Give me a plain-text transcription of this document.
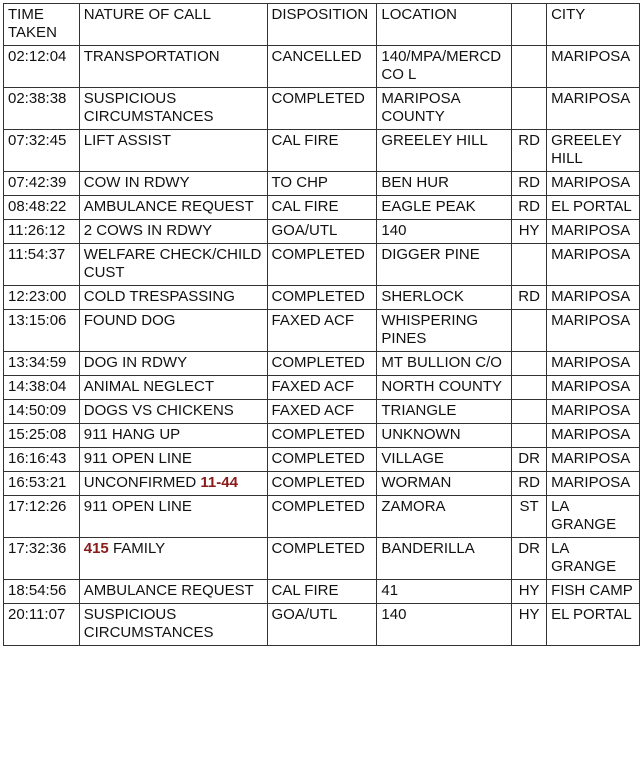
TIME TAKEN	NATURE OF CALL	DISPOSITION	LOCATION		CITY
02:12:04	TRANSPORTATION	CANCELLED	140/MPA/MERCD CO L		MARIPOSA
02:38:38	SUSPICIOUS CIRCUMSTANCES	COMPLETED	MARIPOSA COUNTY		MARIPOSA
07:32:45	LIFT ASSIST	CAL FIRE	GREELEY HILL	RD	GREELEY HILL
07:42:39	COW IN RDWY	TO CHP	BEN HUR	RD	MARIPOSA
08:48:22	AMBULANCE REQUEST	CAL FIRE	EAGLE PEAK	RD	EL PORTAL
11:26:12	2 COWS IN RDWY	GOA/UTL	140	HY	MARIPOSA
11:54:37	WELFARE CHECK/CHILD CUST	COMPLETED	DIGGER PINE		MARIPOSA
12:23:00	COLD TRESPASSING	COMPLETED	SHERLOCK	RD	MARIPOSA
13:15:06	FOUND DOG	FAXED ACF	WHISPERING PINES		MARIPOSA
13:34:59	DOG IN RDWY	COMPLETED	MT BULLION C/O		MARIPOSA
14:38:04	ANIMAL NEGLECT	FAXED ACF	NORTH COUNTY		MARIPOSA
14:50:09	DOGS VS CHICKENS	FAXED ACF	TRIANGLE		MARIPOSA
15:25:08	911 HANG UP	COMPLETED	UNKNOWN		MARIPOSA
16:16:43	911 OPEN LINE	COMPLETED	VILLAGE	DR	MARIPOSA
16:53:21	UNCONFIRMED 11-44	COMPLETED	WORMAN	RD	MARIPOSA
17:12:26	911 OPEN LINE	COMPLETED	ZAMORA	ST	LA GRANGE
17:32:36	415 FAMILY	COMPLETED	BANDERILLA	DR	LA GRANGE
18:54:56	AMBULANCE REQUEST	CAL FIRE	41	HY	FISH CAMP
20:11:07	SUSPICIOUS CIRCUMSTANCES	GOA/UTL	140	HY	EL PORTAL
